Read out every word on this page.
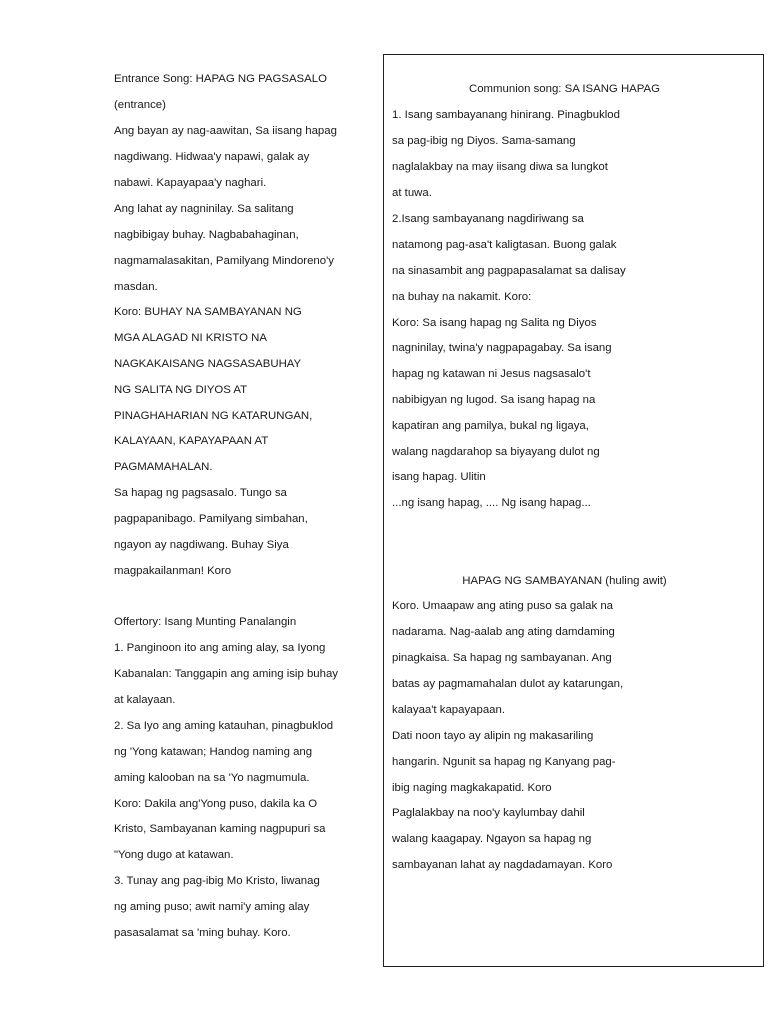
Entrance Song: HAPAG NG PAGSASALO
(entrance)
Ang bayan ay nag-aawitan, Sa iisang hapag
nagdiwang. Hidwaa'y napawi, galak ay
nabawi. Kapayapaa'y naghari.
Ang lahat ay nagninilay. Sa salitang
nagbibigay buhay. Nagbabahaginan,
nagmamalasakitan, Pamilyang Mindoreno'y
masdan.
Koro: BUHAY NA SAMBAYANAN NG
MGA ALAGAD NI KRISTO NA
NAGKAKAISANG NAGSASABUHAY
NG SALITA NG DIYOS AT
PINAGHAHARIAN NG KATARUNGAN,
KALAYAAN, KAPAYAPAAN AT
PAGMAMAHALAN.
Sa hapag ng pagsasalo. Tungo sa
pagpapanibago. Pamilyang simbahan,
ngayon ay nagdiwang. Buhay Siya
magpakailanman! Koro
Offertory: Isang Munting Panalangin
1. Panginoon ito ang aming alay, sa Iyong
Kabanalan: Tanggapin ang aming isip buhay
at kalayaan.
2. Sa Iyo ang aming katauhan, pinagbuklod
ng 'Yong katawan; Handog naming ang
aming kalooban na sa 'Yo nagmumula.
Koro: Dakila ang'Yong puso, dakila ka O
Kristo, Sambayanan kaming nagpupuri sa
"Yong dugo at katawan.
3. Tunay ang pag-ibig Mo Kristo, liwanag
ng aming puso; awit nami'y aming alay
pasasalamat sa 'ming buhay. Koro.
Communion song: SA ISANG HAPAG
1. Isang sambayanang hinirang. Pinagbuklod
sa pag-ibig ng Diyos. Sama-samang
naglalakbay na may iisang diwa sa lungkot
at tuwa.
2.Isang sambayanang nagdiriwang sa
natamong pag-asa't kaligtasan. Buong galak
na sinasambit ang pagpapasalamat sa dalisay
na buhay na nakamit. Koro:
Koro: Sa isang hapag ng Salita ng Diyos
nagninilay, twina'y nagpapagabay. Sa isang
hapag ng katawan ni Jesus nagsasalo't
nabibigyan ng lugod. Sa isang hapag na
kapatiran ang pamilya, bukal ng ligaya,
walang nagdarahop sa biyayang dulot ng
isang hapag. Ulitin
...ng isang hapag, .... Ng isang hapag...
HAPAG NG SAMBAYANAN (huling awit)
Koro. Umaapaw ang ating puso sa galak na
nadarama. Nag-aalab ang ating damdaming
pinagkaisa. Sa hapag ng sambayanan. Ang
batas ay pagmamahalan dulot ay katarungan,
kalayaa't kapayapaan.
Dati noon tayo ay alipin ng makasariling
hangarin. Ngunit sa hapag ng Kanyang pag-
ibig naging magkakapatid. Koro
Paglalakbay na noo'y kaylumbay dahil
walang kaagapay. Ngayon sa hapag ng
sambayanan lahat ay nagdadamayan. Koro
